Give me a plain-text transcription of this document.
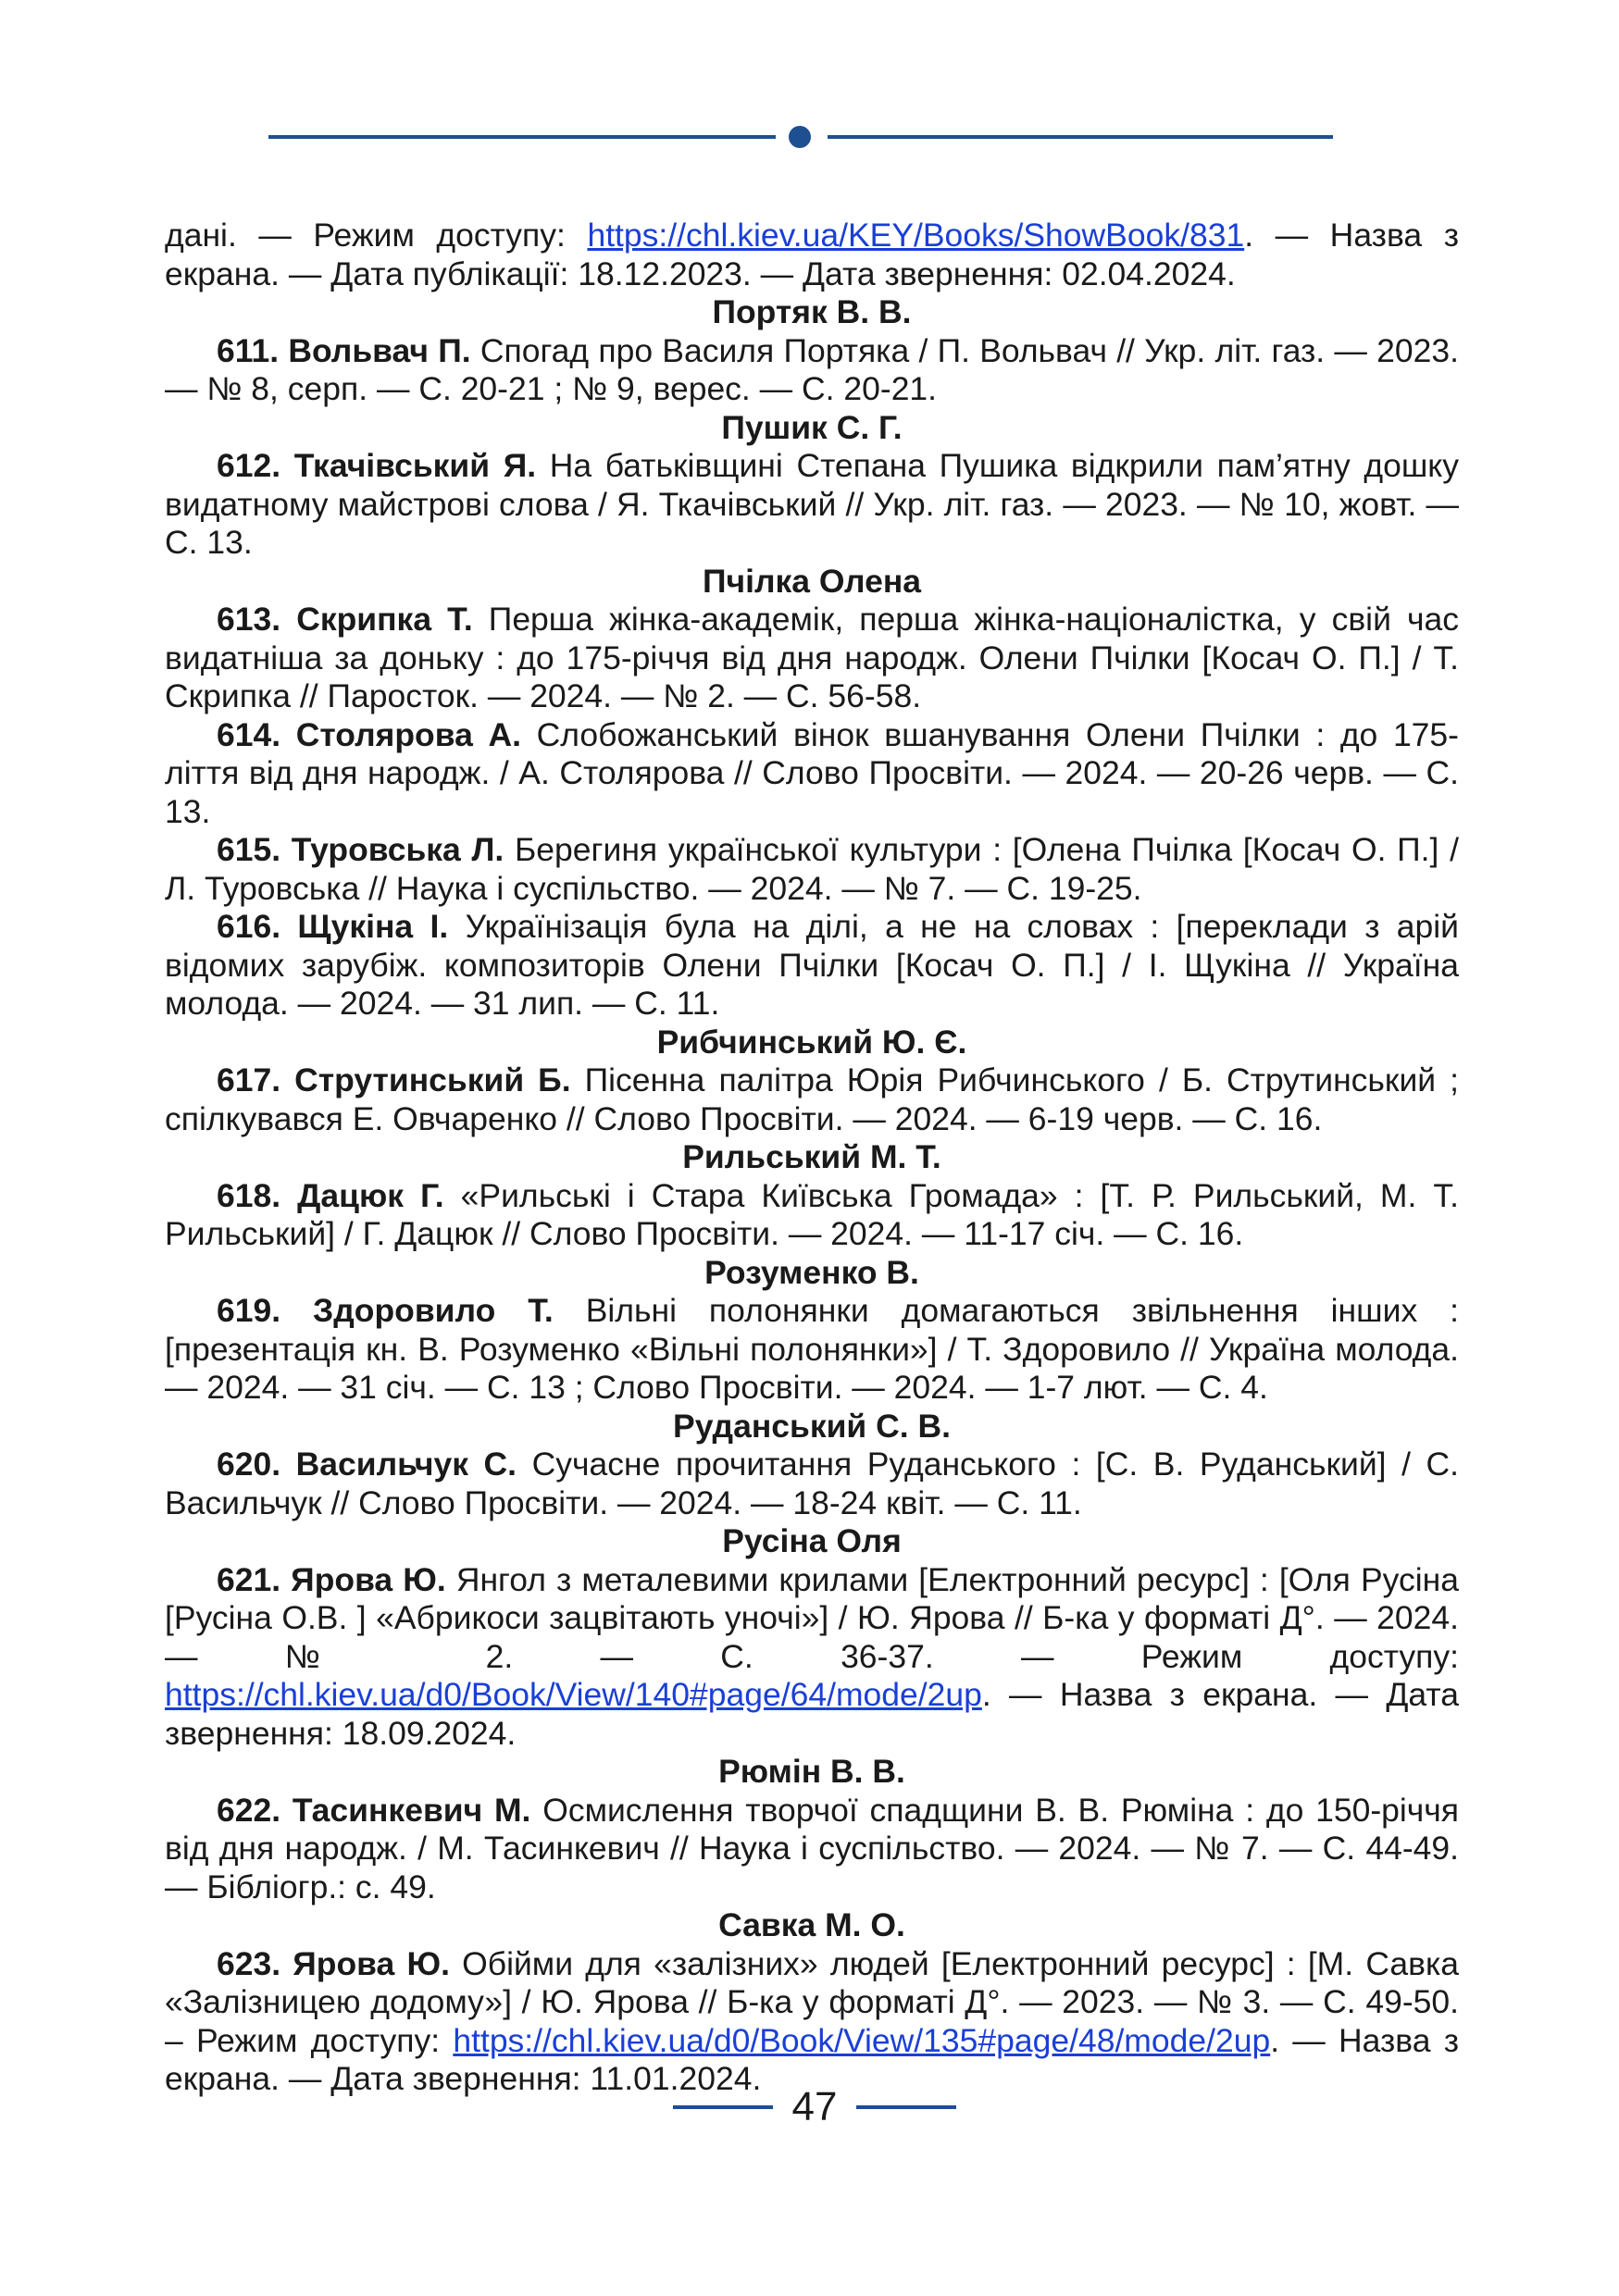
дані. — Режим доступу: https://chl.kiev.ua/KEY/Books/ShowBook/831. — Назва з екрана. — Дата публікації: 18.12.2023. — Дата звернення: 02.04.2024.

Портяк В. В.

611. Вольвач П. Спогад про Василя Портяка / П. Вольвач // Укр. літ. газ. — 2023. — № 8, серп. — С. 20-21 ; № 9, верес. — С. 20-21.

Пушик С. Г.

612. Ткачівський Я. На батьківщині Степана Пушика відкрили пам’ятну дошку видатному майстрові слова / Я. Ткачівський // Укр. літ. газ. — 2023. — № 10, жовт. — С. 13.

Пчілка Олена

613. Скрипка Т. Перша жінка-академік, перша жінка-націоналістка, у свій час видатніша за доньку : до 175-річчя від дня народж. Олени Пчілки [Косач О. П.] / Т. Скрипка // Паросток. — 2024. — № 2. — С. 56-58.

614. Столярова А. Слобожанський вінок вшанування Олени Пчілки : до 175-ліття від дня народж. / А. Столярова // Слово Просвіти. — 2024. — 20-26 черв. — С. 13.

615. Туровська Л. Берегиня української культури : [Олена Пчілка [Косач О. П.] / Л. Туровська // Наука і суспільство. — 2024. — № 7. — С. 19-25.

616. Щукіна І. Українізація була на ділі, а не на словах : [переклади з арій відомих зарубіж. композиторів Олени Пчілки [Косач О. П.] / І. Щукіна // Україна молода. — 2024. — 31 лип. — С. 11.

Рибчинський Ю. Є.

617. Струтинський Б. Пісенна палітра Юрія Рибчинського / Б. Струтинський ; спілкувався Е. Овчаренко // Слово Просвіти. — 2024. — 6-19 черв. — С. 16.

Рильський М. Т.

618. Дацюк Г. «Рильські і Стара Київська Громада» : [Т. Р. Рильський, М. Т. Рильський] / Г. Дацюк // Слово Просвіти. — 2024. — 11-17 січ. — С. 16.

Розуменко В.

619. Здоровило Т. Вільні полонянки домагаються звільнення інших : [презентація кн. В. Розуменко «Вільні полонянки»] / Т. Здоровило // Україна молода. — 2024. — 31 січ. — С. 13 ; Слово Просвіти. — 2024. — 1-7 лют. — С. 4.

Руданський С. В.

620. Васильчук С. Сучасне прочитання Руданського : [С. В. Руданський] / С. Васильчук // Слово Просвіти. — 2024. — 18-24 квіт. — С. 11.

Русіна Оля

621. Ярова Ю. Янгол з металевими крилами [Електронний ресурс] : [Оля Русіна [Русіна О.В. ] «Абрикоси зацвітають уночі»] / Ю. Ярова // Б-ка у форматі Д°. — 2024. — № 2. — С. 36-37. — Режим доступу: https://chl.kiev.ua/d0/Book/View/140#page/64/mode/2up. — Назва з екрана. — Дата звернення: 18.09.2024.

Рюмін В. В.

622. Тасинкевич М. Осмислення творчої спадщини В. В. Рюміна : до 150-річчя від дня народж. / М. Тасинкевич // Наука і суспільство. — 2024. — № 7. — С. 44-49. — Бібліогр.: с. 49.

Савка М. О.

623. Ярова Ю. Обійми для «залізних» людей [Електронний ресурс] : [М. Савка «Залізницею додому»] / Ю. Ярова // Б-ка у форматі Д°. — 2023. — № 3. — С. 49-50. – Режим доступу: https://chl.kiev.ua/d0/Book/View/135#page/48/mode/2up. — Назва з екрана. — Дата звернення: 11.01.2024.

47
